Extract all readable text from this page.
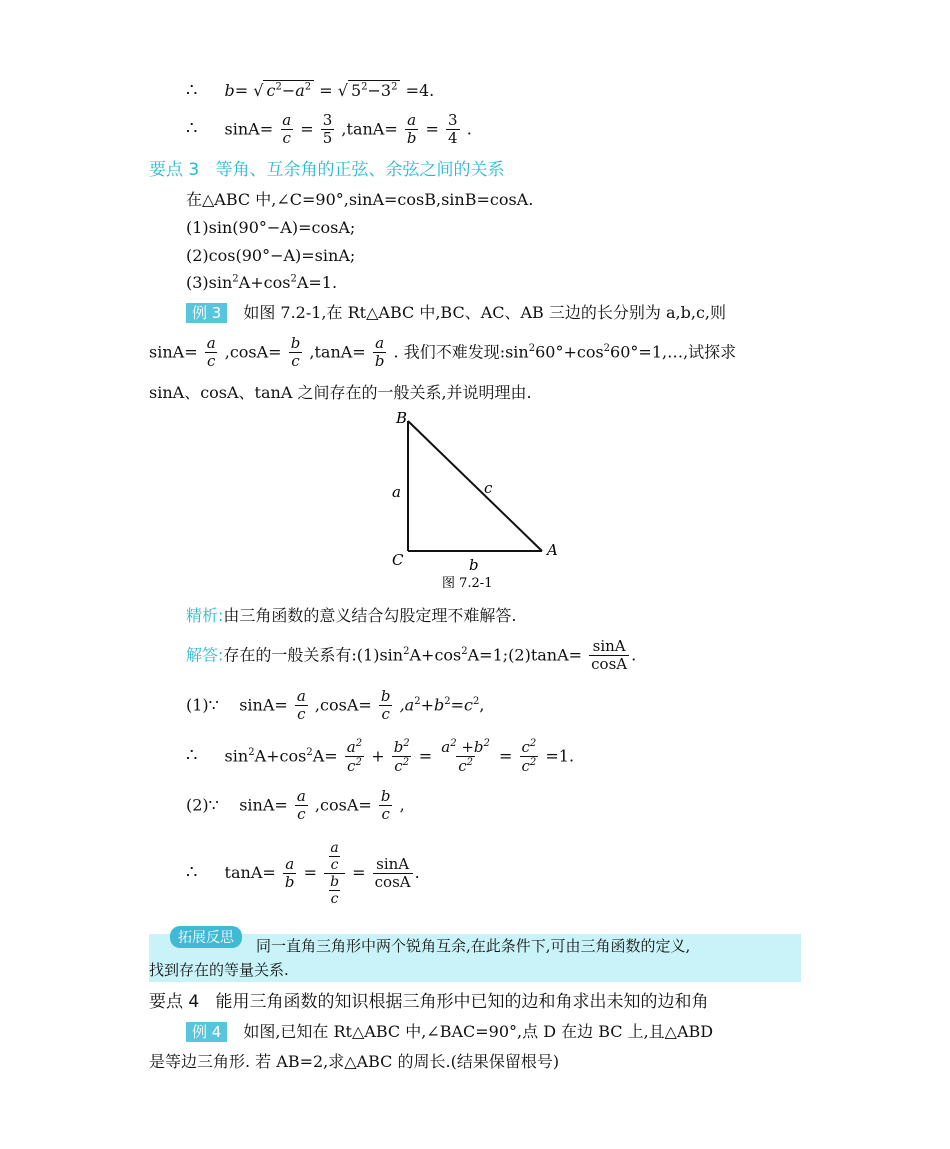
∴ b= √ $c^2-a^2$ = √ $5^2-3^2 =4$.
∴ $\sin A= \frac{a}{c} = \frac{3}{5} ,\tan A= \frac{a}{b} = \frac{3}{4}$ .
要点 3 等角、互余角的正弦、余弦之间的关系
在△ABC 中,∠C=90°,sinA=cosB,sinB=cosA.
(1)sin(90°−A)=cosA;
(2)cos(90°−A)=sinA;
$(3)\sin^2A+\cos^2A=1$.
例 3 如图 7.2-1,在 Rt△ABC 中,BC、AC、AB 三边的长分别为 a,b,c,则
$\sin A= \frac{a}{c} ,\cos A= \frac{b}{c} ,\tan A= \frac{a}{b}$ . 我们不难发现$:\sin^260^\circ+\cos^260^\circ=1,\dots$,试探求
sinA、cosA、tanA 之间存在的一般关系,并说明理由.
B
C
A
a	c
b
图 7.2-1
精析:由三角函数的意义结合勾股定理不难解答.
解答:存在的一般关系有$:(1)\sin^2A+\cos^2A=1;(2)\tan A= \frac{\sin A}{\cos A}$ .
(1)∵ $\sin A= \frac{a}{c} ,\cos A= \frac{b}{c} ,a^2+b^2=c^2$,
∴ $\sin^2A+\cos^2A= \frac{a^2}{c^2} + \frac{b^2}{c^2} = \frac{a^2 +b^2}{c^2} = \frac{c^2}{c^2} =1$.
(2)∵ $\sin A= \frac{a}{c} ,\cos A= \frac{b}{c}$ ,
∴ $\tan A= \frac{a}{b} = \frac{\frac{a}{c}}{\frac{b}{c}} = \frac{\sin A}{\cos A}$ .
拓展反思	同一直角三角形中两个锐角互余,在此条件下,可由三角函数的定义,
找到存在的等量关系.
要点 4 能用三角函数的知识根据三角形中已知的边和角求出未知的边和角
例 4 如图,已知在 Rt△ABC 中,∠BAC=90°,点 D 在边 BC 上,且△ABD
是等边三角形. 若 AB=2,求△ABC 的周长.(结果保留根号)
